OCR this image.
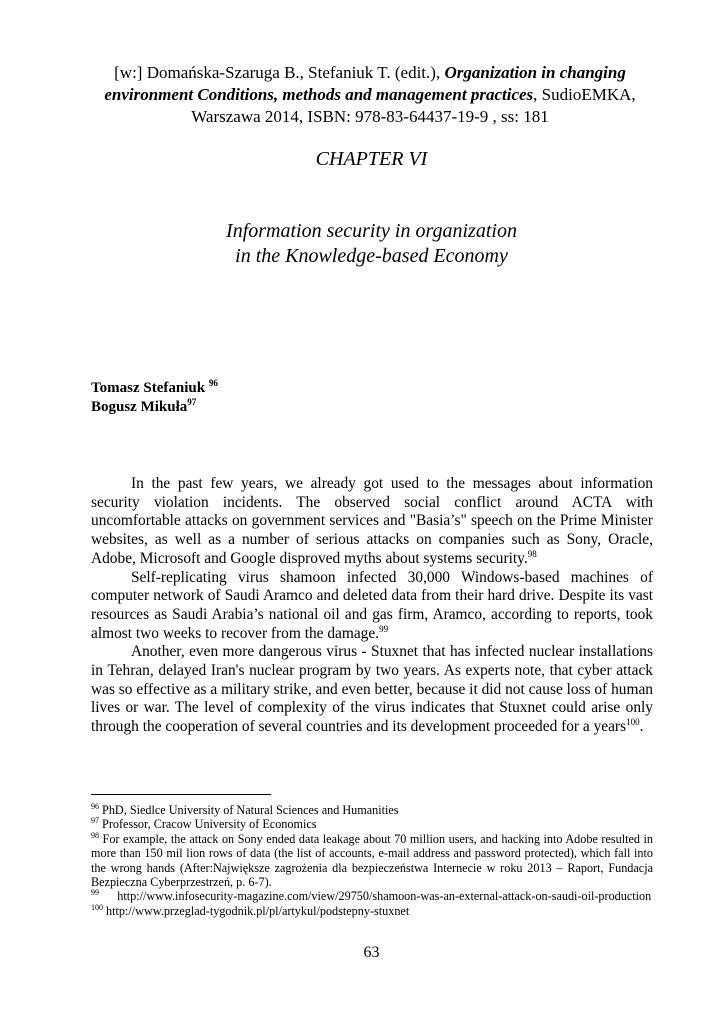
[w:] Domańska-Szaruga B., Stefaniuk T. (edit.), Organization in changing environment Conditions, methods and management practices, SudioEMKA, Warszawa 2014, ISBN: 978-83-64437-19-9 , ss: 181
CHAPTER VI
Information security in organization
in the Knowledge-based Economy
Tomasz Stefaniuk $^{96}$
Bogusz Mikuła$^{97}$

In the past few years, we already got used to the messages about information security violation incidents. The observed social conflict around ACTA with uncomfortable attacks on government services and "Basia’s" speech on the Prime Minister websites, as well as a number of serious attacks on companies such as Sony, Oracle, Adobe, Microsoft and Google disproved myths about systems security.$^{98}$

Self-replicating virus shamoon infected 30,000 Windows-based machines of computer network of Saudi Aramco and deleted data from their hard drive. Despite its vast resources as Saudi Arabia’s national oil and gas firm, Aramco, according to reports, took almost two weeks to recover from the damage.$^{99}$

Another, even more dangerous virus - Stuxnet that has infected nuclear installations in Tehran, delayed Iran's nuclear program by two years. As experts note, that cyber attack was so effective as a military strike, and even better, because it did not cause loss of human lives or war. The level of complexity of the virus indicates that Stuxnet could arise only through the cooperation of several countries and its development proceeded for a years$^{100}$.

$^{96}$ PhD, Siedlce University of Natural Sciences and Humanities
$^{97}$ Professor, Cracow University of Economics
$^{98}$ For example, the attack on Sony ended data leakage about 70 million users, and hacking into Adobe resulted in more than 150 mil lion rows of data (the list of accounts, e-mail address and password protected), which fall into the wrong hands (After:Największe zagrożenia dla bezpieczeństwa Internecie w roku 2013 – Raport, Fundacja Bezpieczna Cyberprzestrzeń, p. 6-7).
$^{99}$ http://www.infosecurity-magazine.com/view/29750/shamoon-was-an-external-attack-on-saudi-oil-production
$^{100}$ http://www.przeglad-tygodnik.pl/pl/artykul/podstepny-stuxnet
63
